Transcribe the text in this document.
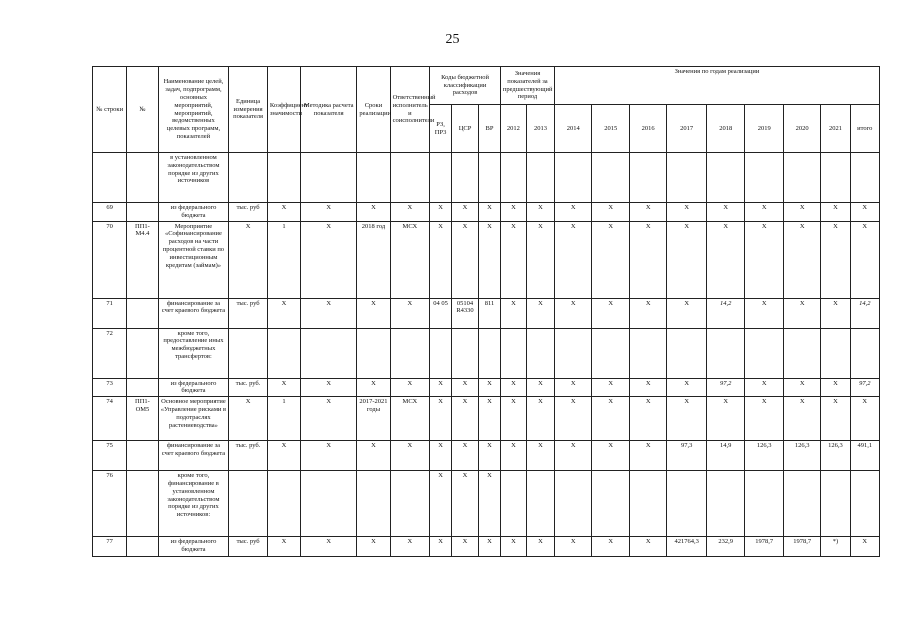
25
№ строки	№	Наименование целей, задач, подпрограмм, основных мероприятий, мероприятий, ведомственных целевых программ, показателей	Единица измерения показателя	Коэффициент значимости	Методика расчета показателя	Сроки реализации	Ответственный исполнитель и соисполнители	Коды бюджетной классификации расходов			Значения показателей за предшествующий период		Значения по годам реализации								
								РЗ, ПР3	ЦСР	ВР	2012	2013	2014	2015	2016	2017	2018	2019	2020	2021	итого
		в установленном законодательством порядке из других источников																			
69		из федерального бюджета	тыс. руб	X	X	X	X	X	X	X	X	X	X	X	X	X	X	X	X	X	X
70	ПП1-М4.4	Мероприятие «Софинансирование расходов на части процентной ставки по инвестиционным кредитам (займам)»	X	1	X	2018 год	МСХ	X	X	X	X	X	X	X	X	X	X	X	X	X	X
71		финансирование за счет краевого бюджета	тыс. руб	X	X	X	X	04 05	05104 R4330	811	X	X	X	X	X	X	14,2	X	X	X	14,2
72		кроме того, предоставление иных межбюджетных трансфертов:																			
73		из федерального бюджета	тыс. руб.	X	X	X	X	X	X	X	X	X	X	X	X	X	97,2	X	X	X	97,2
74	ПП1-ОМ5	Основное мероприятие «Управление рисками в подотраслях растениеводства»	X	1	X	2017-2021 годы	МСХ	X	X	X	X	X	X	X	X	X	X	X	X	X	X
75		финансирование за счет краевого бюджета	тыс. руб.	X	X	X	X	X	X	X	X	X	X	X	X	97,3	14,9	126,3	126,3	126,3	491,1
76		кроме того, финансирование в установленном законодательством порядке из других источников:						X	X	X											
77		из федерального бюджета	тыс. руб	X	X	X	X	X	X	X	X	X	X	X	X	421764,3	232,9	1978,7	1978,7	*)	X
